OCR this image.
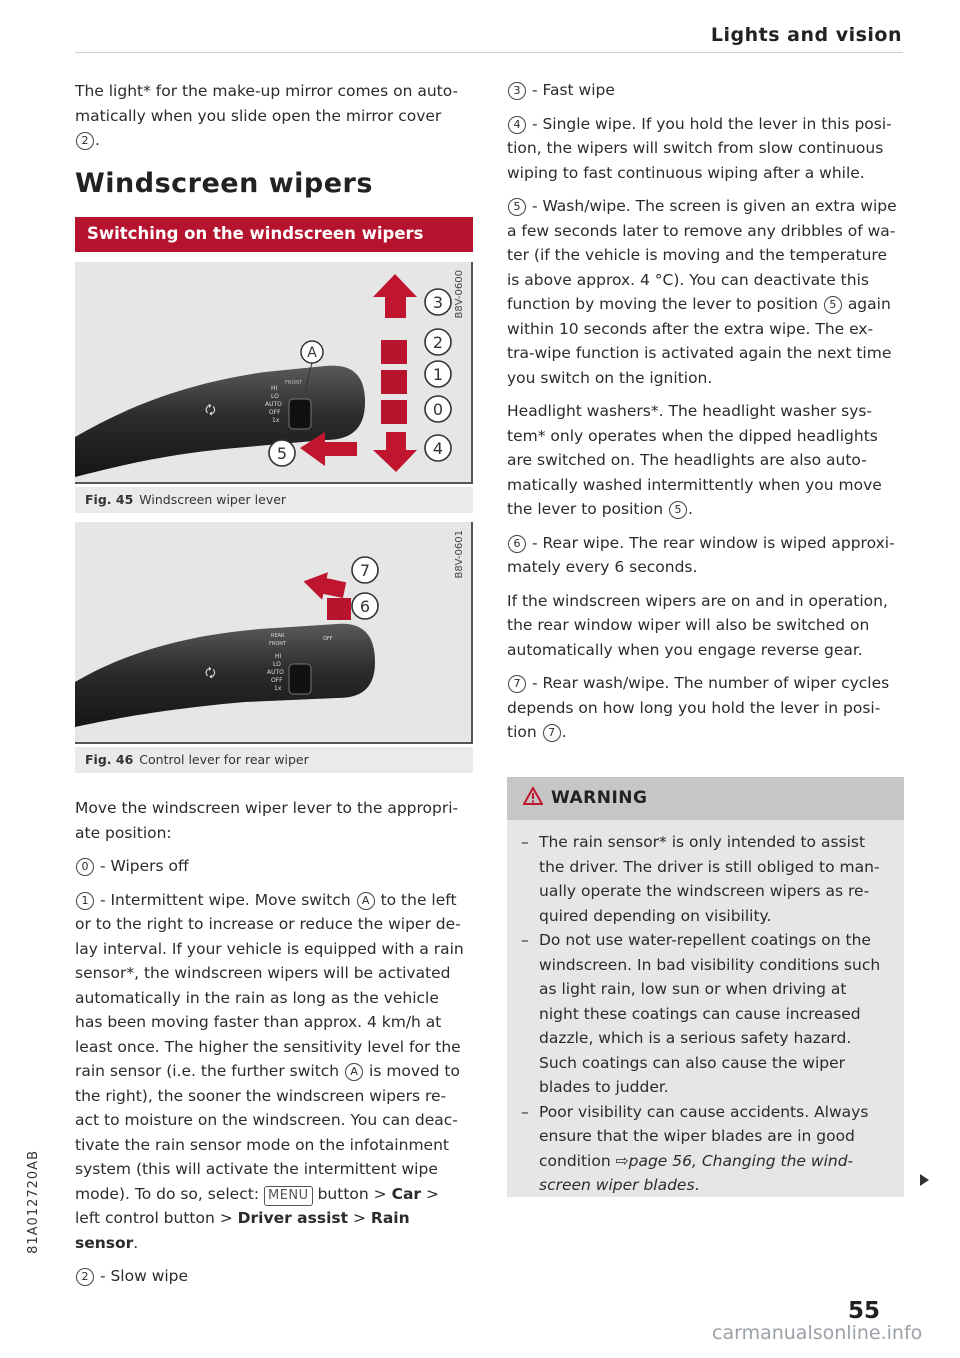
Lights and vision

The light* for the make-up mirror comes on auto-

matically when you slide open the mirror cover

2 .

Windscreen wipers
Switching on the windscreen wipers
HI
LO
AUTO
OFF
1x
FRONT
🗘
A
3
2
1
0
4
5
B8V-0600
Fig. 45 Windscreen wiper lever
REAR
FRONT
OFF
HI
LO
AUTO
OFF
1x
🗘
7
6
B8V-0601
Fig. 46 Control lever for rear wiper

Move the windscreen wiper lever to the appropri-

ate position:

0 - Wipers off

1 - Intermittent wipe. Move switch A to the left

or to the right to increase or reduce the wiper de-

lay interval. If your vehicle is equipped with a rain

sensor*, the windscreen wipers will be activated

automatically in the rain as long as the vehicle

has been moving faster than approx. 4 km/h at

least once. The higher the sensitivity level for the

rain sensor (i.e. the further switch A is moved to

the right), the sooner the windscreen wipers re-

act to moisture on the windscreen. You can deac-

tivate the rain sensor mode on the infotainment

system (this will activate the intermittent wipe

mode). To do so, select: MENU button > Car >

left control button > Driver assist > Rain sensor.

2 - Slow wipe

3 - Fast wipe

4 - Single wipe. If you hold the lever in this posi-

tion, the wipers will switch from slow continuous

wiping to fast continuous wiping after a while.

5 - Wash/wipe. The screen is given an extra wipe

a few seconds later to remove any dribbles of wa-

ter (if the vehicle is moving and the temperature

is above approx. 4 °C). You can deactivate this

function by moving the lever to position 5 again

within 10 seconds after the extra wipe. The ex-

tra-wipe function is activated again the next time

you switch on the ignition.

Headlight washers*. The headlight washer sys-

tem* only operates when the dipped headlights

are switched on. The headlights are also auto-

matically washed intermittently when you move

the lever to position 5 .

6 - Rear wipe. The rear window is wiped approxi-

mately every 6 seconds.

If the windscreen wipers are on and in operation,

the rear window wiper will also be switched on

automatically when you engage reverse gear.

7 - Rear wash/wipe. The number of wiper cycles

depends on how long you hold the lever in posi-

tion 7 .

WARNING
– The rain sensor* is only intended to assist
the driver. The driver is still obliged to man-
ually operate the windscreen wipers as re-
quired depending on visibility.
– Do not use water-repellent coatings on the
windscreen. In bad visibility conditions such
as light rain, low sun or when driving at
night these coatings can cause increased
dazzle, which is a serious safety hazard.
Such coatings can also cause the wiper
blades to judder.
– Poor visibility can cause accidents. Always
ensure that the wiper blades are in good
condition ⇨page 56, Changing the wind-
screen wiper blades.
81A012720AB
55
carmanualsonline.info
